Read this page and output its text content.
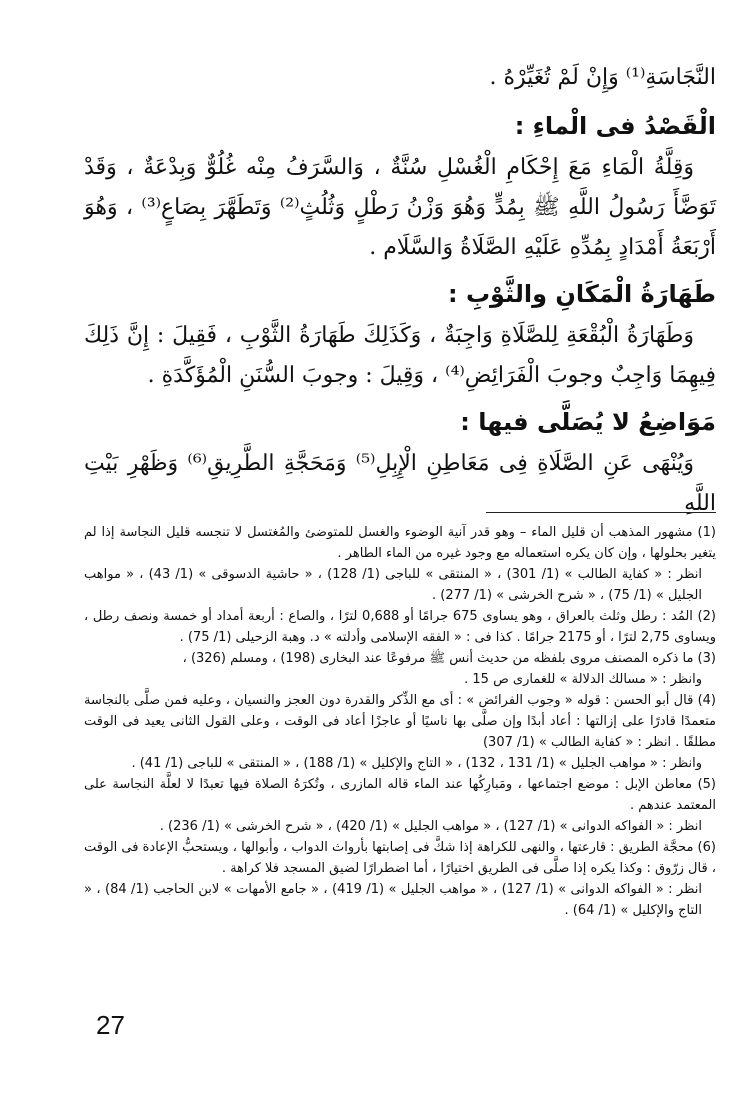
النَّجَاسَةِ⁽¹⁾ وَإِنْ لَمْ تُغَيِّرْهُ .

الْقَصْدُ فى الْماءِ :

وَقِلَّةُ الْمَاءِ مَعَ إِحْكَامِ الْغُسْلِ سُنَّةٌ ، وَالسَّرَفُ مِنْه غُلُوٌّ وَبِدْعَةٌ ، وَقَدْ تَوَضَّأَ رَسُولُ اللَّهِ ﷺ بِمُدٍّ وَهُوَ وَزْنُ رَطْلٍ وَثُلُثٍ⁽²⁾ وَتَطَهَّرَ بِصَاعٍ⁽³⁾ ، وَهُوَ أَرْبَعَةُ أَمْدَادٍ بِمُدِّهِ عَلَيْهِ الصَّلَاةُ وَالسَّلَام .

طَهَارَةُ الْمَكَانِ والثَّوْبِ :

وَطَهَارَةُ الْبُقْعَةِ لِلصَّلَاةِ وَاجِبَةٌ ، وَكَذَلِكَ طَهَارَةُ الثَّوْبِ ، فَقِيلَ : إِنَّ ذَلِكَ فِيهِمَا وَاجِبٌ وجوبَ الْفَرَائِضِ⁽⁴⁾ ، وَقِيلَ : وجوبَ السُّنَنِ الْمُؤَكَّدَةِ .

مَوَاضِعُ لا يُصَلَّى فيها :

وَيُنْهَى عَنِ الصَّلَاةِ فِى مَعَاطِنِ الْإِبِلِ⁽⁵⁾ وَمَحَجَّةِ الطَّرِيقِ⁽⁶⁾ وَظَهْرِ بَيْتِ اللَّهِ

(1) مشهور المذهب أن قليل الماء – وهو قدر آنية الوضوء والغسل للمتوضئ والمُغتسل لا تنجسه قليل النجاسة إذا لم يتغير بحلولها ، وإن كان يكره استعماله مع وجود غيره من الماء الطاهر .

انظر : « كفاية الطالب » (1/ 301) ، « المنتقى » للباجى (1/ 128) ، « حاشية الدسوقى » (1/ 43) ، « مواهب الجليل » (1/ 75) ، « شرح الخرشى » (1/ 277) .

(2) المُد : رطل وثلث بالعراق ، وهو يساوى 675 جرامًا أو 0,688 لترًا ، والصاع : أربعة أمداد أو خمسة ونصف رطل ، ويساوى 2,75 لترًا ، أو 2175 جرامًا . كذا فى : « الفقه الإسلامى وأدلته » د. وهبة الزحيلى (1/ 75) .

(3) ما ذكره المصنف مروى بلفظه من حديث أنس ﷺ مرفوعًا عند البخارى (198) ، ومسلم (326) ،

وانظر : « مسالك الدلالة » للغمارى ص 15 .

(4) قال أبو الحسن : قوله « وجوب الفرائض » : أى مع الذِّكر والقدرة دون العجز والنسيان ، وعليه فمن صلَّى بالنجاسة متعمدًا قادرًا على إزالتها : أعاد أبدًا وإن صلَّى بها ناسيًا أو عاجزًا أعاد فى الوقت ، وعلى القول الثانى يعيد فى الوقت مطلقًا . انظر : « كفاية الطالب » (1/ 307)

وانظر : « مواهب الجليل » (1/ 131 ، 132) ، « التاج والإكليل » (1/ 188) ، « المنتقى » للباجى (1/ 41) .

(5) معاطن الإبل : موضع اجتماعها ، ومَبارِكُها عند الماء قاله المازرى ، وتُكرَهُ الصلاة فيها تعبدًا لا لعلَّة النجاسة على المعتمد عندهم .

انظر : « الفواكه الدوانى » (1/ 127) ، « مواهب الجليل » (1/ 420) ، « شرح الخرشى » (1/ 236) .

(6) محجَّة الطريق : قارعتها ، والنهى للكراهة إذا شكَّ فى إصابتها بأرواث الدواب ، وأبوالها ، ويستحبُّ الإعادة فى الوقت ، قال زرّوق : وكذا يكره إذا صلَّى فى الطريق اختيارًا ، أما اضطرارًا لضيق المسجد فلا كراهة .

انظر : « الفواكه الدوانى » (1/ 127) ، « مواهب الجليل » (1/ 419) ، « جامع الأمهات » لابن الحاجب (1/ 84) ، « التاج والإكليل » (1/ 64) .

27
